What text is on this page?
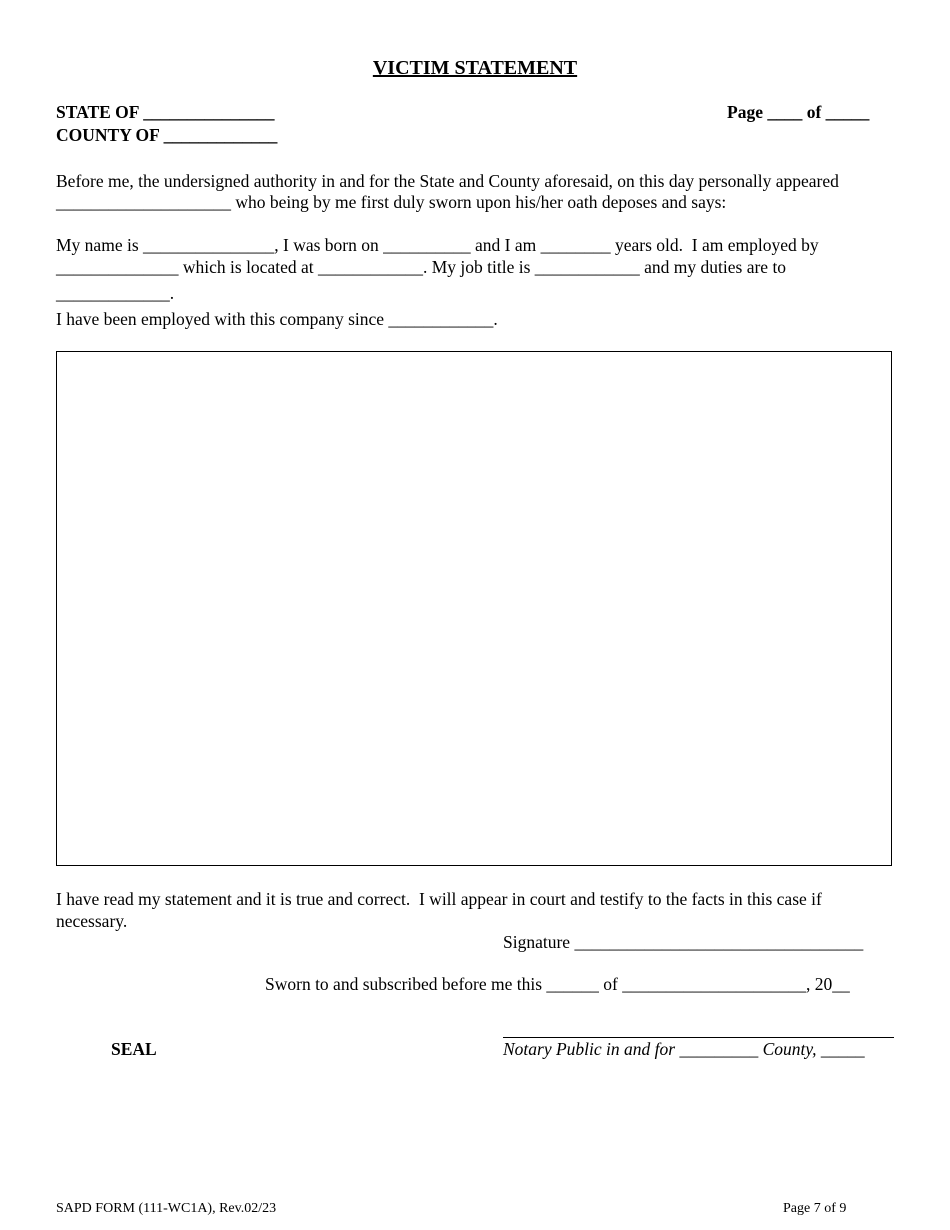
VICTIM STATEMENT
STATE OF _______________
COUNTY OF _____________
Page ____ of _____
Before me, the undersigned authority in and for the State and County aforesaid, on this day personally appeared
____________________ who being by me first duly sworn upon his/her oath deposes and says:
My name is _______________, I was born on __________ and I am ________ years old.  I am employed by
______________ which is located at ____________. My job title is ____________ and my duties are to
_____________.
I have been employed with this company since ____________.
I have read my statement and it is true and correct.  I will appear in court and testify to the facts in this case if
necessary.
Signature _________________________________
Sworn to and subscribed before me this ______ of _____________________, 20__
SEAL	Notary Public in and for _________ County, _____
SAPD FORM (111-WC1A), Rev.02/23	Page 7 of 9
